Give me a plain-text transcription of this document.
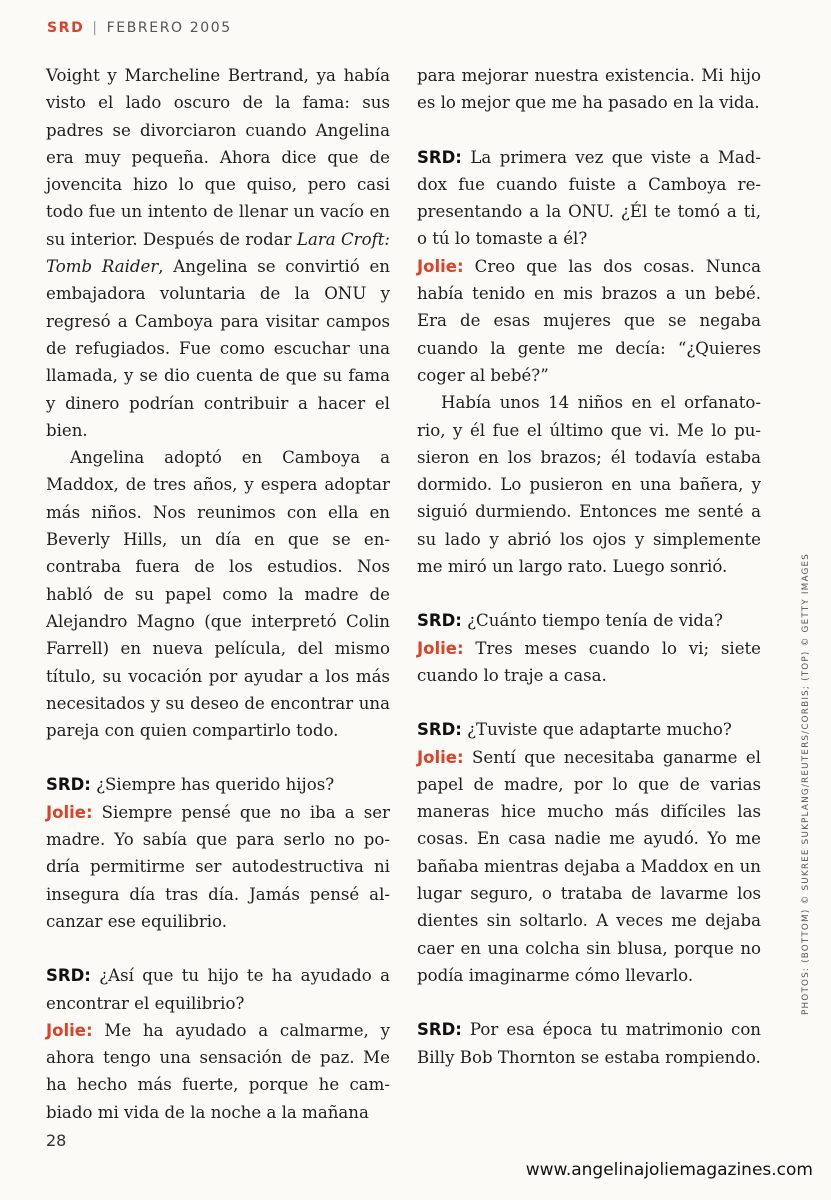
SRD | FEBRERO 2005

Voight y Marcheline Bertrand, ya había visto el lado oscuro de la fama: sus padres se divorciaron cuando Angelina era muy pequeña. Ahora dice que de jovencita hizo lo que quiso, pero casi todo fue un intento de llenar un vacío en su interior. Después de rodar Lara Croft: Tomb Raider, Angelina se convirtió en embajadora voluntaria de la ONU y regresó a Camboya para visitar campos de refugiados. Fue como escuchar una llamada, y se dio cuenta de que su fama y dinero podrían contribuir a hacer el bien.

Angelina adoptó en Camboya a Maddox, de tres años, y espera adoptar más niños. Nos reunimos con ella en Beverly Hills, un día en que se encontraba fuera de los estudios. Nos habló de su papel como la madre de Alejandro Magno (que interpretó Colin Farrell) en nueva película, del mismo título, su vocación por ayudar a los más necesitados y su deseo de encontrar una pareja con quien compartirlo todo.

SRD: ¿Siempre has querido hijos?
Jolie: Siempre pensé que no iba a ser madre. Yo sabía que para serlo no podría permitirme ser autodestructiva ni insegura día tras día. Jamás pensé alcanzar ese equilibrio.
SRD: ¿Así que tu hijo te ha ayudado a encontrar el equilibrio?
Jolie: Me ha ayudado a calmarme, y ahora tengo una sensación de paz. Me ha hecho más fuerte, porque he cambiado mi vida de la noche a la mañana

para mejorar nuestra existencia. Mi hijo es lo mejor que me ha pasado en la vida.

SRD: La primera vez que viste a Maddox fue cuando fuiste a Camboya representando a la ONU. ¿Él te tomó a ti, o tú lo tomaste a él?
Jolie: Creo que las dos cosas. Nunca había tenido en mis brazos a un bebé. Era de esas mujeres que se negaba cuando la gente me decía: “¿Quieres coger al bebé?”

Había unos 14 niños en el orfanatorio, y él fue el último que vi. Me lo pusieron en los brazos; él todavía estaba dormido. Lo pusieron en una bañera, y siguió durmiendo. Entonces me senté a su lado y abrió los ojos y simplemente me miró un largo rato. Luego sonrió.

SRD: ¿Cuánto tiempo tenía de vida?
Jolie: Tres meses cuando lo vi; siete cuando lo traje a casa.
SRD: ¿Tuviste que adaptarte mucho?
Jolie: Sentí que necesitaba ganarme el papel de madre, por lo que de varias maneras hice mucho más difíciles las cosas. En casa nadie me ayudó. Yo me bañaba mientras dejaba a Maddox en un lugar seguro, o trataba de lavarme los dientes sin soltarlo. A veces me dejaba caer en una colcha sin blusa, porque no podía imaginarme cómo llevarlo.
SRD: Por esa época tu matrimonio con Billy Bob Thornton se estaba rompiendo.
PHOTOS: (BOTTOM) © SUKREE SUKPLANG/REUTERS/CORBIS; (TOP) © GETTY IMAGES
28
www.angelinajoliemagazines.com
